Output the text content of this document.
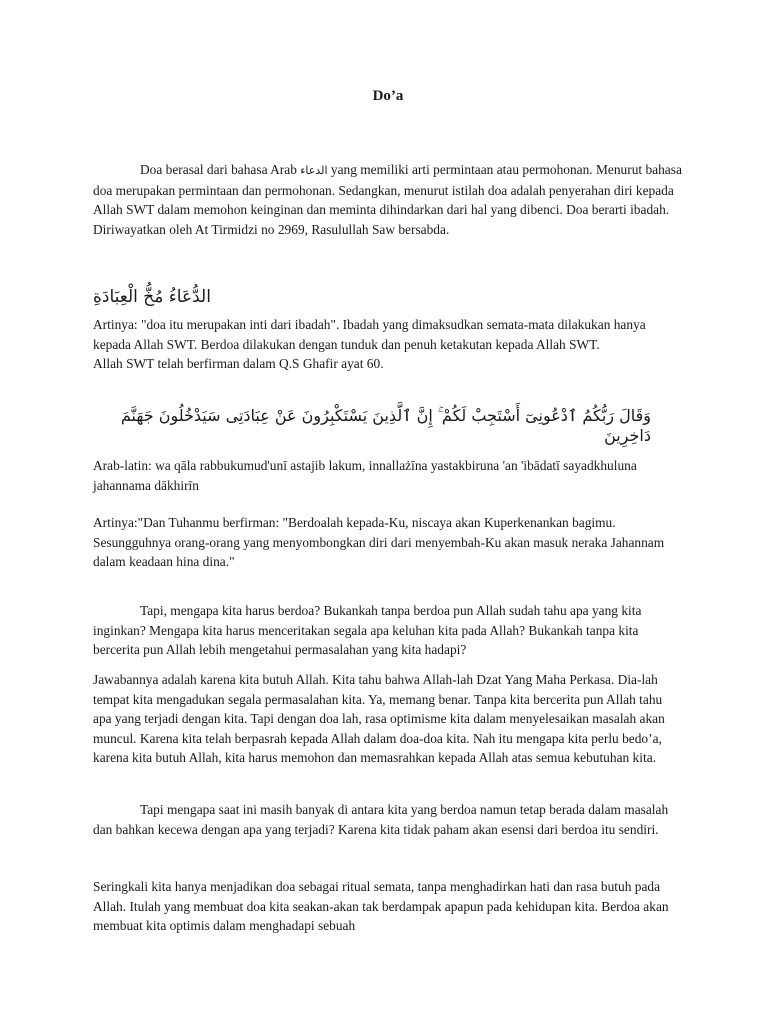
Do’a

Doa berasal dari bahasa Arab الدعاء yang memiliki arti permintaan atau permohonan. Menurut bahasa doa merupakan permintaan dan permohonan. Sedangkan, menurut istilah doa adalah penyerahan diri kepada Allah SWT dalam memohon keinginan dan meminta dihindarkan dari hal yang dibenci. Doa berarti ibadah. Diriwayatkan oleh At Tirmidzi no 2969, Rasulullah Saw bersabda.

الدُّعَاءُ مُخُّ الْعِبَادَةِ

Artinya: "doa itu merupakan inti dari ibadah". Ibadah yang dimaksudkan semata-mata dilakukan hanya kepada Allah SWT. Berdoa dilakukan dengan tunduk dan penuh ketakutan kepada Allah SWT.
Allah SWT telah berfirman dalam Q.S Ghafir ayat 60.

وَقَالَ رَبُّكُمُ ٱدْعُونِىٓ أَسْتَجِبْ لَكُمْ ۚ إِنَّ ٱلَّذِينَ يَسْتَكْبِرُونَ عَنْ عِبَادَتِى سَيَدْخُلُونَ جَهَنَّمَ دَاخِرِينَ

Arab-latin: wa qāla rabbukumud'unī astajib lakum, innallażīna yastakbiruna 'an 'ibādatī sayadkhuluna jahannama dākhirīn

Artinya:"Dan Tuhanmu berfirman: "Berdoalah kepada-Ku, niscaya akan Kuperkenankan bagimu. Sesungguhnya orang-orang yang menyombongkan diri dari menyembah-Ku akan masuk neraka Jahannam dalam keadaan hina dina."

Tapi, mengapa kita harus berdoa? Bukankah tanpa berdoa pun Allah sudah tahu apa yang kita inginkan? Mengapa kita harus menceritakan segala apa keluhan kita pada Allah? Bukankah tanpa kita bercerita pun Allah lebih mengetahui permasalahan yang kita hadapi?

Jawabannya adalah karena kita butuh Allah. Kita tahu bahwa Allah-lah Dzat Yang Maha Perkasa. Dia-lah tempat kita mengadukan segala permasalahan kita. Ya, memang benar. Tanpa kita bercerita pun Allah tahu apa yang terjadi dengan kita. Tapi dengan doa lah, rasa optimisme kita dalam menyelesaikan masalah akan muncul. Karena kita telah berpasrah kepada Allah dalam doa-doa kita. Nah itu mengapa kita perlu bedo’a, karena kita butuh Allah, kita harus memohon dan memasrahkan kepada Allah atas semua kebutuhan kita.

Tapi mengapa saat ini masih banyak di antara kita yang berdoa namun tetap berada dalam masalah dan bahkan kecewa dengan apa yang terjadi? Karena kita tidak paham akan esensi dari berdoa itu sendiri.

Seringkali kita hanya menjadikan doa sebagai ritual semata, tanpa menghadirkan hati dan rasa butuh pada Allah. Itulah yang membuat doa kita seakan-akan tak berdampak apapun pada kehidupan kita. Berdoa akan membuat kita optimis dalam menghadapi sebuah
